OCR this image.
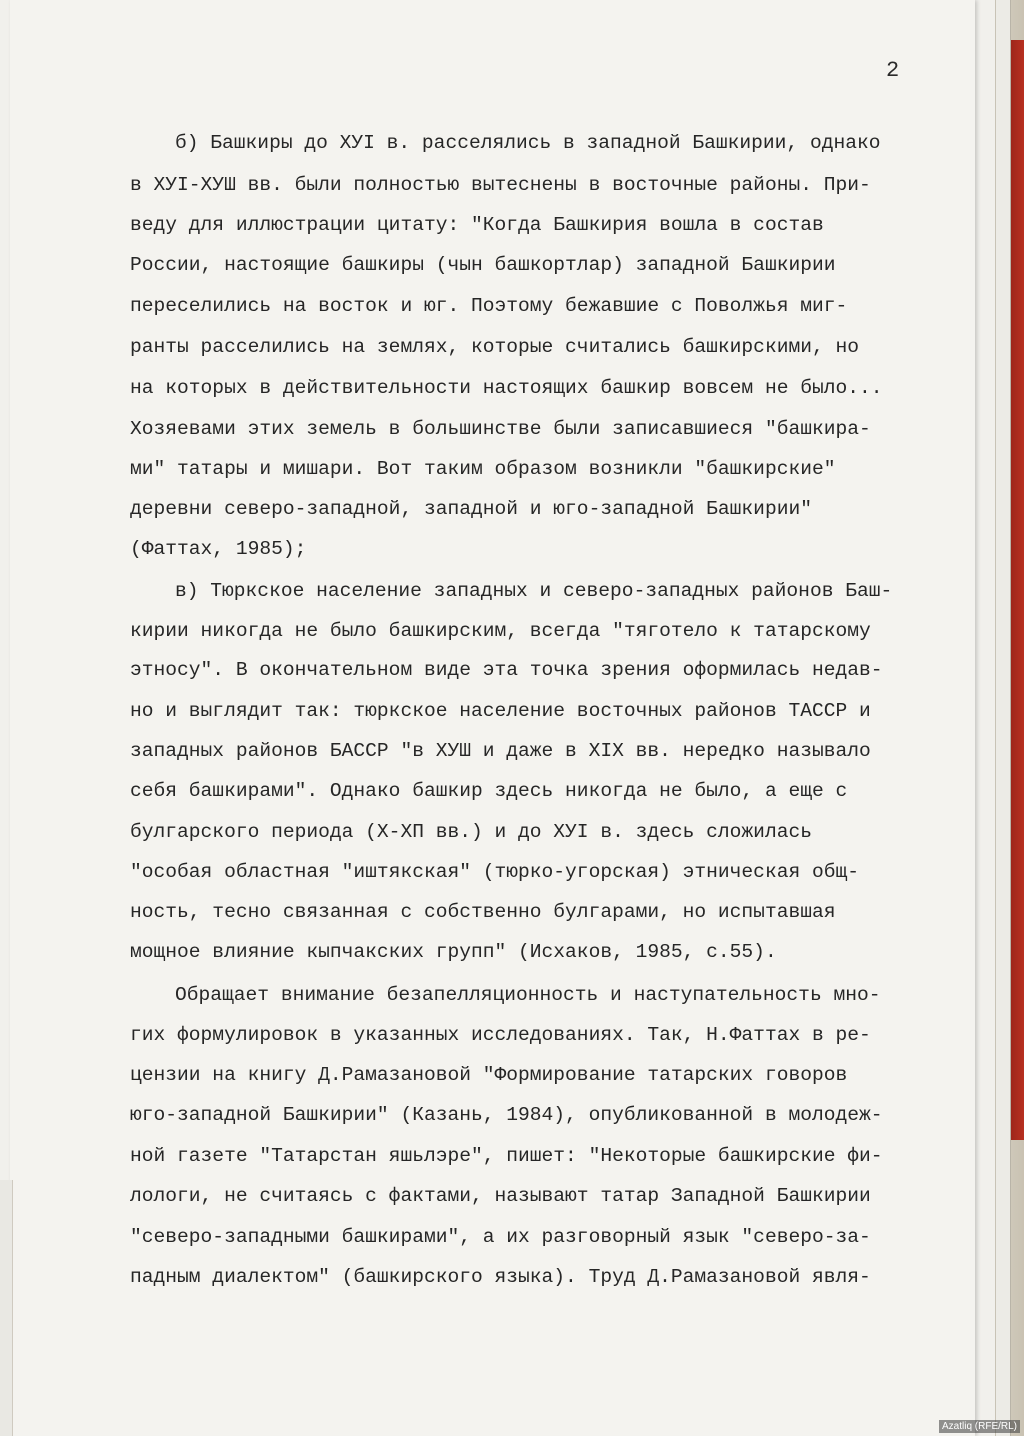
2
б) Башкиры до XУI в. расселялись в западной Башкирии, однако
в XУI-XУШ вв. были полностью вытеснены в восточные районы. При-
веду для иллюстрации цитату: "Когда Башкирия вошла в состав
России, настоящие башкиры (чын башкортлар) западной Башкирии
переселились на восток и юг. Поэтому бежавшие с Поволжья миг-
ранты расселились на землях, которые считались башкирскими, но
на которых в действительности настоящих башкир вовсем не было...
Хозяевами этих земель в большинстве были записавшиеся "башкира-
ми" татары и мишари. Вот таким образом возникли "башкирские"
деревни северо-западной, западной и юго-западной Башкирии"
(Фаттах, 1985);
в) Тюркское население западных и северо-западных районов Баш-
кирии никогда не было башкирским, всегда "тяготело к татарскому
этносу". В окончательном виде эта точка зрения оформилась недав-
но и выглядит так: тюркское население восточных районов ТАССР и
западных районов БАССР "в ХУШ и даже в XIX вв. нередко называло
себя башкирами". Однако башкир здесь никогда не было, а еще с
булгарского периода (X-XП вв.) и до XУI в. здесь сложилась
"особая областная "иштякская" (тюрко-угорская) этническая общ-
ность, тесно связанная с собственно булгарами, но испытавшая
мощное влияние кыпчакских групп" (Исхаков, 1985, с.55).
Обращает внимание безапелляционность и наступательность мно-
гих формулировок в указанных исследованиях. Так, Н.Фаттах в ре-
цензии на книгу Д.Рамазановой "Формирование татарских говоров
юго-западной Башкирии" (Казань, 1984), опубликованной в молодеж-
ной газете "Татарстан яшьлэре", пишет: "Некоторые башкирские фи-
лологи, не считаясь с фактами, называют татар Западной Башкирии
"северо-западными башкирами", а их разговорный язык "северо-за-
падным диалектом" (башкирского языка). Труд Д.Рамазановой явля-
Azatliq (RFE/RL)
